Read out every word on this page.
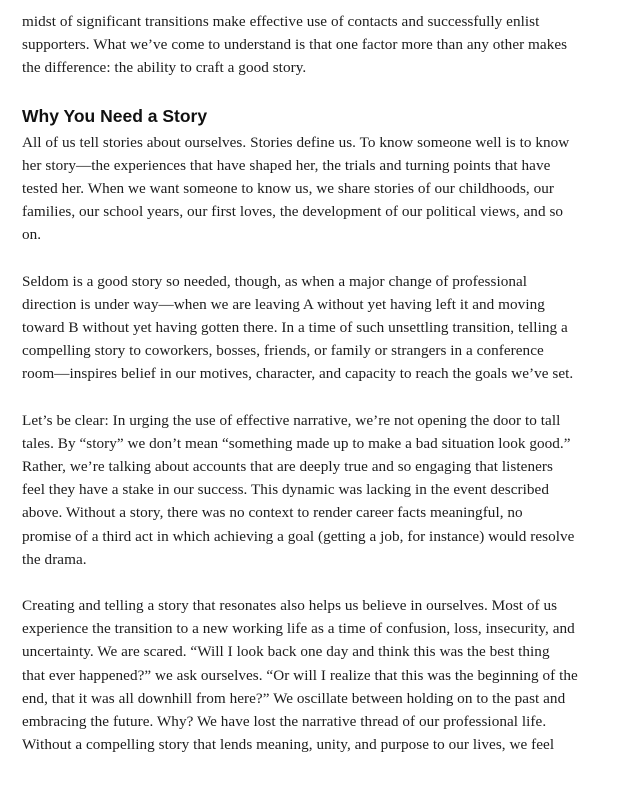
midst of significant transitions make effective use of contacts and successfully enlist
supporters. What we’ve come to understand is that one factor more than any other makes
the difference: the ability to craft a good story.

Why You Need a Story

All of us tell stories about ourselves. Stories define us. To know someone well is to know
her story—the experiences that have shaped her, the trials and turning points that have
tested her. When we want someone to know us, we share stories of our childhoods, our
families, our school years, our first loves, the development of our political views, and so
on.

Seldom is a good story so needed, though, as when a major change of professional
direction is under way—when we are leaving A without yet having left it and moving
toward B without yet having gotten there. In a time of such unsettling transition, telling a
compelling story to coworkers, bosses, friends, or family or strangers in a conference
room—inspires belief in our motives, character, and capacity to reach the goals we’ve set.

Let’s be clear: In urging the use of effective narrative, we’re not opening the door to tall
tales. By “story” we don’t mean “something made up to make a bad situation look good.”
Rather, we’re talking about accounts that are deeply true and so engaging that listeners
feel they have a stake in our success. This dynamic was lacking in the event described
above. Without a story, there was no context to render career facts meaningful, no
promise of a third act in which achieving a goal (getting a job, for instance) would resolve
the drama.

Creating and telling a story that resonates also helps us believe in ourselves. Most of us
experience the transition to a new working life as a time of confusion, loss, insecurity, and
uncertainty. We are scared. “Will I look back one day and think this was the best thing
that ever happened?” we ask ourselves. “Or will I realize that this was the beginning of the
end, that it was all downhill from here?” We oscillate between holding on to the past and
embracing the future. Why? We have lost the narrative thread of our professional life.
Without a compelling story that lends meaning, unity, and purpose to our lives, we feel
